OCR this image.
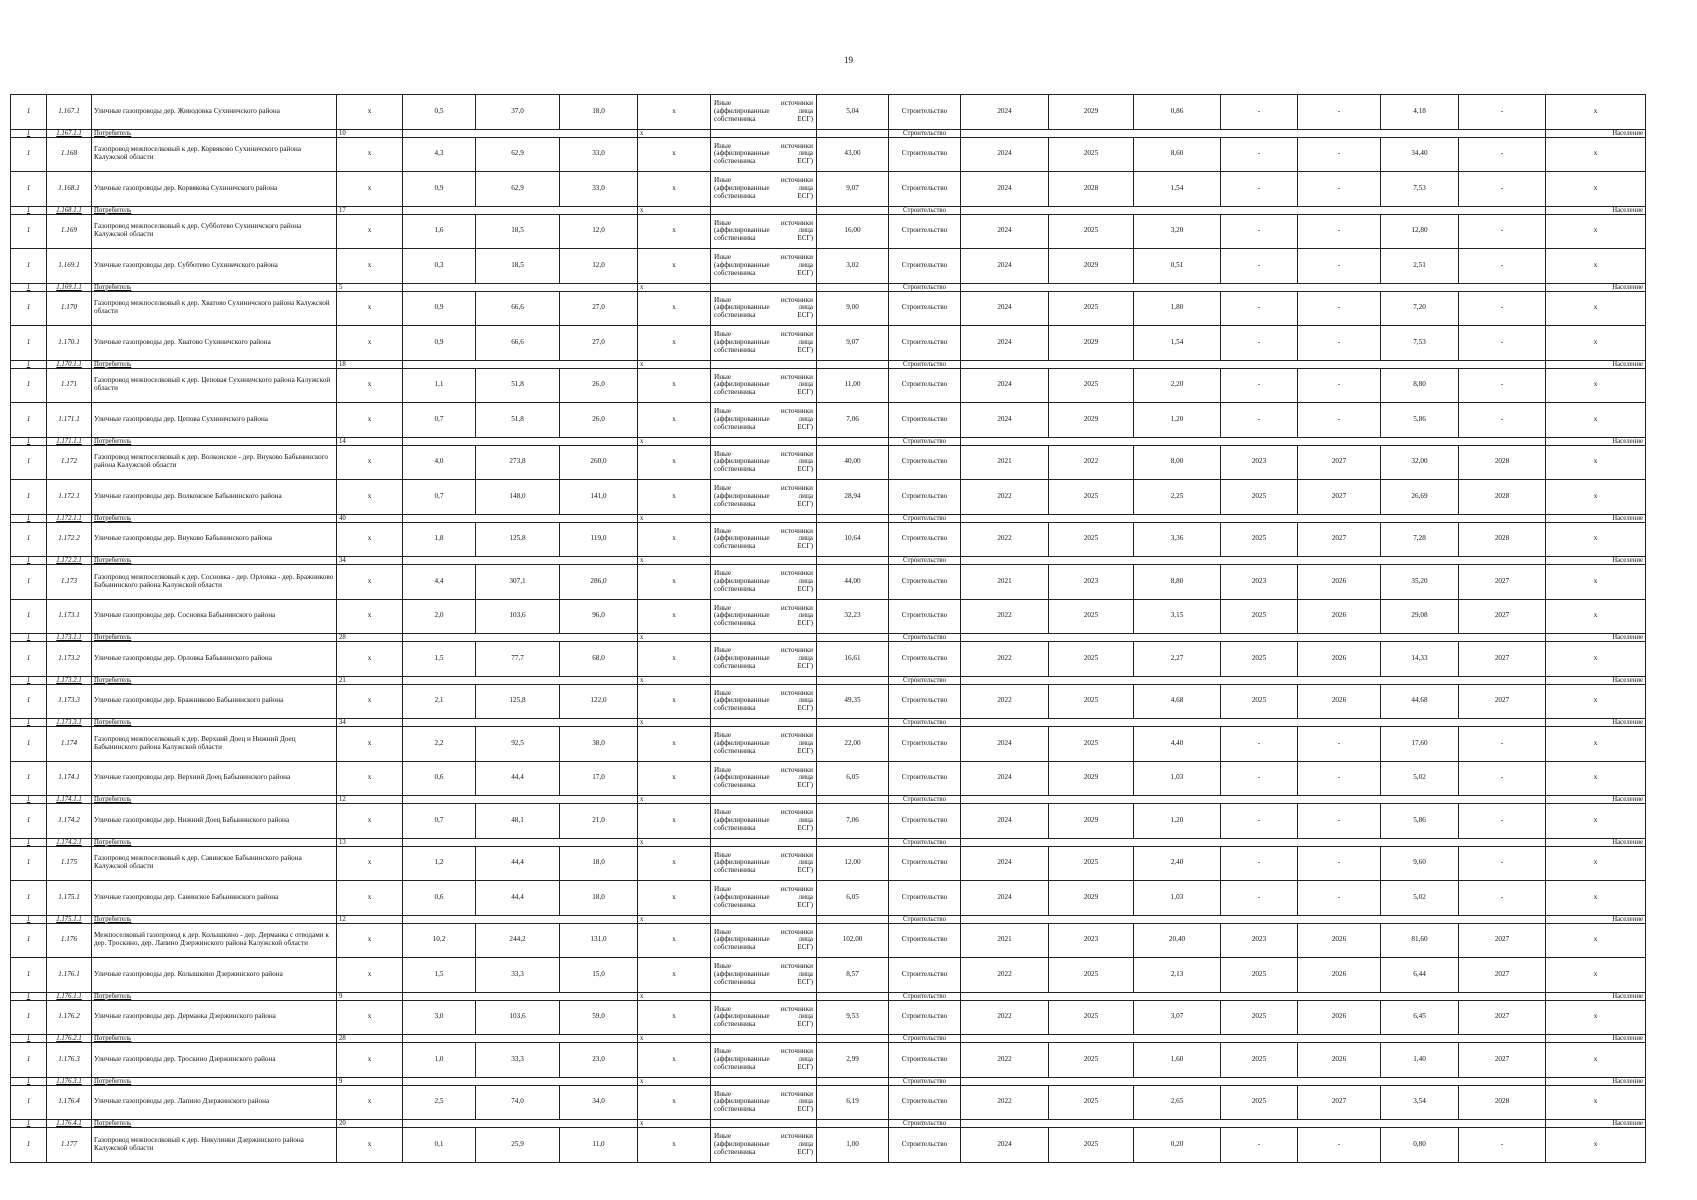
19
1	1.167.1	Уличные газопроводы дер. Живодовка Сухиничского района	x	0,5	37,0	18,0	x	Иные источники (аффилированные лица собственника ЕСГ)	5,04	Строительство	2024	2029	0,86	-	-	4,18	-	x
1	1.167.1.1	Потребитель	10				x			Строительство								Население
1	1.168	Газопровод межпоселковый к дер. Корвяково Сухиничского района Калужской области	x	4,3	62,9	33,0	x	Иные источники (аффилированные лица собственника ЕСГ)	43,00	Строительство	2024	2025	8,60	-	-	34,40	-	x
1	1.168.1	Уличные газопроводы дер. Корвякова Сухиничского района	x	0,9	62,9	33,0	x	Иные источники (аффилированные лица собственника ЕСГ)	9,07	Строительство	2024	2028	1,54	-	-	7,53	-	x
1	1.168.1.1	Потребитель	17				x			Строительство								Население
1	1.169	Газопровод межпоселковый к дер. Субботево Сухиничского района Калужской области	x	1,6	18,5	12,0	x	Иные источники (аффилированные лица собственника ЕСГ)	16,00	Строительство	2024	2025	3,20	-	-	12,80	-	x
1	1.169.1	Уличные газопроводы дер. Субботево Сухиничского района	x	0,3	18,5	12,0	x	Иные источники (аффилированные лица собственника ЕСГ)	3,02	Строительство	2024	2029	0,51	-	-	2,51	-	x
1	1.169.1.1	Потребитель	5				x			Строительство								Население
1	1.170	Газопровод межпоселковый к дер. Хватово Сухиничского района Калужской области	x	0,9	66,6	27,0	x	Иные источники (аффилированные лица собственника ЕСГ)	9,00	Строительство	2024	2025	1,80	-	-	7,20	-	x
1	1.170.1	Уличные газопроводы дер. Хватово Сухиничского района	x	0,9	66,6	27,0	x	Иные источники (аффилированные лица собственника ЕСГ)	9,07	Строительство	2024	2029	1,54	-	-	7,53	-	x
1	1.170.1.1	Потребитель	18				x			Строительство								Население
1	1.171	Газопровод межпоселковый к дер. Цеповая Сухиничского района Калужской области	x	1,1	51,8	26,0	x	Иные источники (аффилированные лица собственника ЕСГ)	11,00	Строительство	2024	2025	2,20	-	-	8,80	-	x
1	1.171.1	Уличные газопроводы дер. Цепова Сухиничского района	x	0,7	51,8	26,0	x	Иные источники (аффилированные лица собственника ЕСГ)	7,06	Строительство	2024	2029	1,20	-	-	5,86	-	x
1	1.171.1.1	Потребитель	14				x			Строительство								Население
1	1.172	Газопровод межпоселковый к дер. Волконское - дер. Внуково Бабынинского района Калужской области	x	4,0	273,8	260,0	x	Иные источники (аффилированные лица собственника ЕСГ)	40,00	Строительство	2021	2022	8,00	2023	2027	32,00	2028	x
1	1.172.1	Уличные газопроводы дер. Волконское Бабынинского района	x	0,7	148,0	141,0	x	Иные источники (аффилированные лица собственника ЕСГ)	28,94	Строительство	2022	2025	2,25	2025	2027	26,69	2028	x
1	1.172.1.1	Потребитель	40				x			Строительство								Население
1	1.172.2	Уличные газопроводы дер. Внуково Бабынинского района	x	1,8	125,8	119,0	x	Иные источники (аффилированные лица собственника ЕСГ)	10,64	Строительство	2022	2025	3,36	2025	2027	7,28	2028	x
1	1.172.2.1	Потребитель	34				x			Строительство								Население
1	1.173	Газопровод межпоселковый к дер. Сосновка - дер. Орловка - дер. Бражниково Бабынинского района Калужской области	x	4,4	307,1	286,0	x	Иные источники (аффилированные лица собственника ЕСГ)	44,00	Строительство	2021	2023	8,80	2023	2026	35,20	2027	x
1	1.173.1	Уличные газопроводы дер. Сосновка Бабынинского района	x	2,0	103,6	96,0	x	Иные источники (аффилированные лица собственника ЕСГ)	32,23	Строительство	2022	2025	3,15	2025	2026	29,08	2027	x
1	1.173.1.1	Потребитель	28				x			Строительство								Население
1	1.173.2	Уличные газопроводы дер. Орловка Бабынинского района	x	1,5	77,7	68,0	x	Иные источники (аффилированные лица собственника ЕСГ)	16,61	Строительство	2022	2025	2,27	2025	2026	14,33	2027	x
1	1.173.2.1	Потребитель	21				x			Строительство								Население
1	1.173.3	Уличные газопроводы дер. Бражниково Бабынинского района	x	2,1	125,8	122,0	x	Иные источники (аффилированные лица собственника ЕСГ)	49,35	Строительство	2022	2025	4,68	2025	2026	44,68	2027	x
1	1.173.3.1	Потребитель	34				x			Строительство								Население
1	1.174	Газопровод межпоселковый к дер. Верхний Доец и Нижний Доец Бабынинского района Калужской области	x	2,2	92,5	38,0	x	Иные источники (аффилированные лица собственника ЕСГ)	22,00	Строительство	2024	2025	4,40	-	-	17,60	-	x
1	1.174.1	Уличные газопроводы дер. Верхний Доец Бабынинского района	x	0,6	44,4	17,0	x	Иные источники (аффилированные лица собственника ЕСГ)	6,05	Строительство	2024	2029	1,03	-	-	5,02	-	x
1	1.174.1.1	Потребитель	12				x			Строительство								Население
1	1.174.2	Уличные газопроводы дер. Нижний Доец Бабынинского района	x	0,7	48,1	21,0	x	Иные источники (аффилированные лица собственника ЕСГ)	7,06	Строительство	2024	2029	1,20	-	-	5,86	-	x
1	1.174.2.1	Потребитель	13				x			Строительство								Население
1	1.175	Газопровод межпоселковый к дер. Савинское Бабынинского района Калужской области	x	1,2	44,4	18,0	x	Иные источники (аффилированные лица собственника ЕСГ)	12,00	Строительство	2024	2025	2,40	-	-	9,60	-	x
1	1.175.1	Уличные газопроводы дер. Савинское Бабынинского района	x	0,6	44,4	18,0	x	Иные источники (аффилированные лица собственника ЕСГ)	6,05	Строительство	2024	2029	1,03	-	-	5,02	-	x
1	1.175.1.1	Потребитель	12				x			Строительство								Население
1	1.176	Межпоселковый газопровод к дер. Колышкино - дер. Дерманка с отводами к дер. Троскино, дер. Лапино Дзержинского района Калужской области	x	10,2	244,2	131,0	x	Иные источники (аффилированные лица собственника ЕСГ)	102,00	Строительство	2021	2023	20,40	2023	2026	81,60	2027	x
1	1.176.1	Уличные газопроводы дер. Колышкино Дзержинского района	x	1,5	33,3	15,0	x	Иные источники (аффилированные лица собственника ЕСГ)	8,57	Строительство	2022	2025	2,13	2025	2026	6,44	2027	x
1	1.176.1.1	Потребитель	9				x			Строительство								Население
1	1.176.2	Уличные газопроводы дер. Дерманка Дзержинского района	x	3,0	103,6	59,0	x	Иные источники (аффилированные лица собственника ЕСГ)	9,53	Строительство	2022	2025	3,07	2025	2026	6,45	2027	x
1	1.176.2.1	Потребитель	28				x			Строительство								Население
1	1.176.3	Уличные газопроводы дер. Троскино Дзержинского района	x	1,0	33,3	23,0	x	Иные источники (аффилированные лица собственника ЕСГ)	2,99	Строительство	2022	2025	1,60	2025	2026	1,40	2027	x
1	1.176.3.1	Потребитель	9				x			Строительство								Население
1	1.176.4	Уличные газопроводы дер. Лапино Дзержинского района	x	2,5	74,0	34,0	x	Иные источники (аффилированные лица собственника ЕСГ)	6,19	Строительство	2022	2025	2,65	2025	2027	3,54	2028	x
1	1.176.4.1	Потребитель	20				x			Строительство								Население
1	1.177	Газопровод межпоселковый к дер. Никулинки Дзержинского района Калужской области	x	0,1	25,9	11,0	x	Иные источники (аффилированные лица собственника ЕСГ)	1,00	Строительство	2024	2025	0,20	-	-	0,80	-	x
